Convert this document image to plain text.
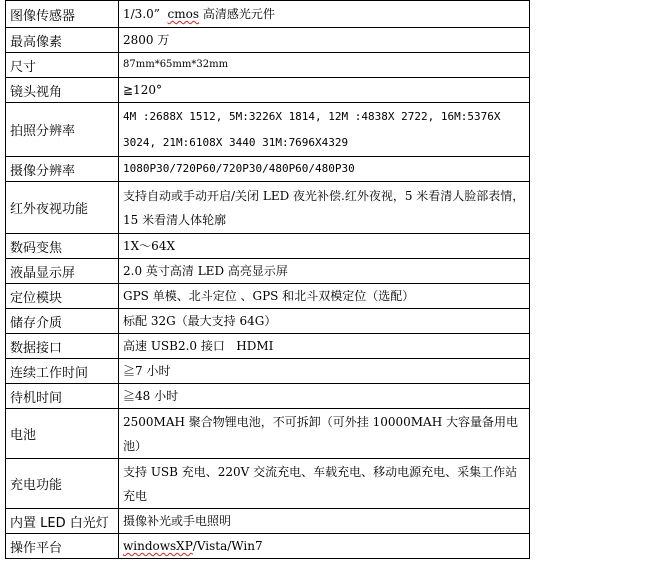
图像传感器	1/3.0”  cmos 高清感光元件
最高像素	2800 万
尺寸	87mm*65mm*32mm
镜头视角	≧120°
拍照分辨率	4M :2688X 1512, 5M:3226X 1814, 12M :4838X 2722, 16M:5376X 3024, 21M:6108X 3440 31M:7696X4329
摄像分辨率	1080P30/720P60/720P30/480P60/480P30
红外夜视功能	支持自动或手动开启/关闭 LED 夜光补偿.红外夜视，5 米看清人脸部表情，15 米看清人体轮廓
数码变焦	1X～64X
液晶显示屏	2.0 英寸高清 LED 高亮显示屏
定位模块	GPS 单模、北斗定位 、GPS 和北斗双模定位（选配）
储存介质	标配 32G（最大支持 64G）
数据接口	高速 USB2.0 接口   HDMI
连续工作时间	≧7 小时
待机时间	≧48 小时
电池	2500MAH 聚合物锂电池，不可拆卸（可外挂 10000MAH 大容量备用电池）
充电功能	支持 USB 充电、220V 交流充电、车载充电、移动电源充电、采集工作站充电
内置 LED 白光灯	摄像补光或手电照明
操作平台	windowsXP/Vista/Win7
